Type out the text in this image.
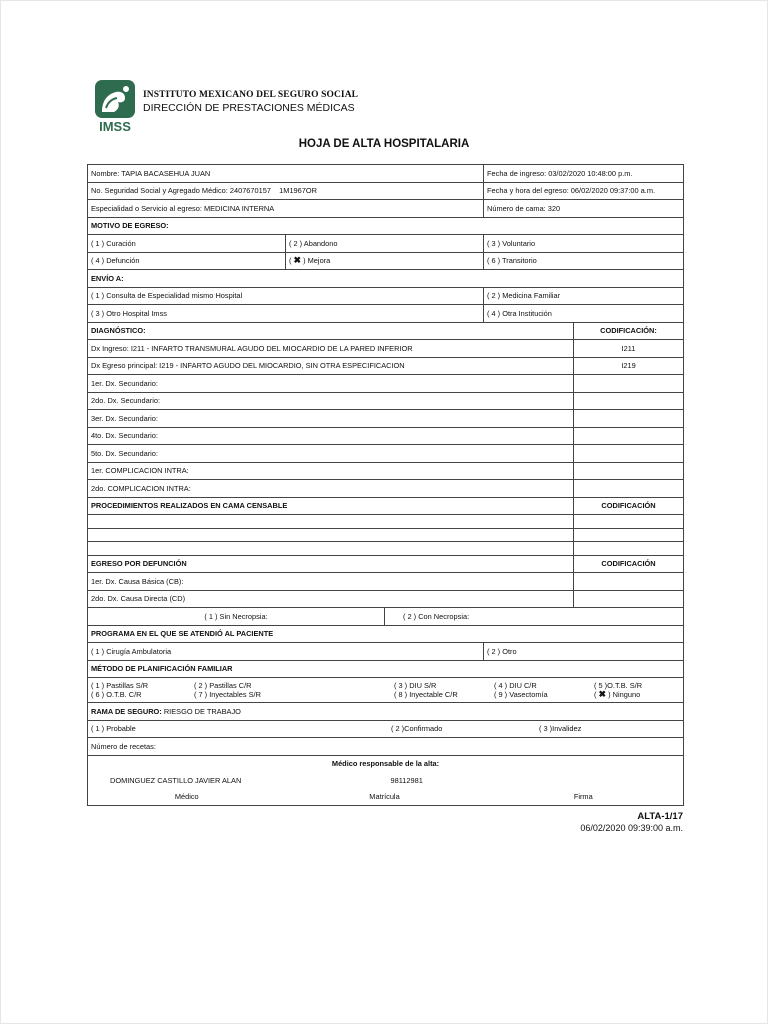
IMSS
INSTITUTO MEXICANO DEL SEGURO SOCIAL
DIRECCIÓN DE PRESTACIONES MÉDICAS
HOJA DE ALTA HOSPITALARIA
Nombre: TAPIA BACASEHUA JUAN	Fecha de ingreso: 03/02/2020 10:48:00 p.m.
No. Seguridad Social y Agregado Médico: 2407670157    1M1967OR	Fecha y hora del egreso: 06/02/2020 09:37:00 a.m.
Especialidad o Servicio al egreso: MEDICINA INTERNA	Número de cama: 320
MOTIVO DE EGRESO:
( 1 ) Curación	( 2 ) Abandono	( 3 ) Voluntario
( 4 ) Defunción	( ✖ ) Mejora	( 6 ) Transitorio
ENVÍO A:
( 1 ) Consulta de Especialidad mismo Hospital	( 2 ) Medicina Familiar
( 3 ) Otro Hospital Imss	( 4 ) Otra Institución
DIAGNÓSTICO:	CODIFICACIÓN:
Dx Ingreso: I211 - INFARTO TRANSMURAL AGUDO DEL MIOCARDIO DE LA PARED INFERIOR	I211
Dx Egreso principal: I219 - INFARTO AGUDO DEL MIOCARDIO, SIN OTRA ESPECIFICACION	I219
1er. Dx. Secundario:	
2do. Dx. Secundario:	
3er. Dx. Secundario:	
4to. Dx. Secundario:	
5to. Dx. Secundario:	
1er. COMPLICACION INTRA:	
2do. COMPLICACION INTRA:	
PROCEDIMIENTOS REALIZADOS EN CAMA CENSABLE	CODIFICACIÓN

EGRESO POR DEFUNCIÓN	CODIFICACIÓN
1er. Dx. Causa Básica (CB):	
2do. Dx. Causa Directa (CD)	
( 1 ) Sin Necropsia:	( 2 ) Con Necropsia:
PROGRAMA EN EL QUE SE ATENDIÓ AL PACIENTE
( 1 ) Cirugía Ambulatoria	( 2 ) Otro
MÉTODO DE PLANIFICACIÓN FAMILIAR

( 1 ) Pastillas S/R	( 2 ) Pastillas C/R	( 3 ) DIU S/R	( 4 ) DIU C/R	( 5 )O.T.B. S/R
( 6 ) O.T.B. C/R	( 7 ) Inyectables S/R	( 8 ) Inyectable C/R	( 9 ) Vasectomía	( ✖ ) Ninguno

RAMA DE SEGURO: RIESGO DE TRABAJO
( 1 ) Probable	( 2 )Confirmado	( 3 )Invalidez
Número de recetas:
Médico responsable de la alta:
DOMINGUEZ CASTILLO JAVIER ALAN	98112981
Médico	Matrícula	Firma
ALTA-1/17
06/02/2020 09:39:00 a.m.
